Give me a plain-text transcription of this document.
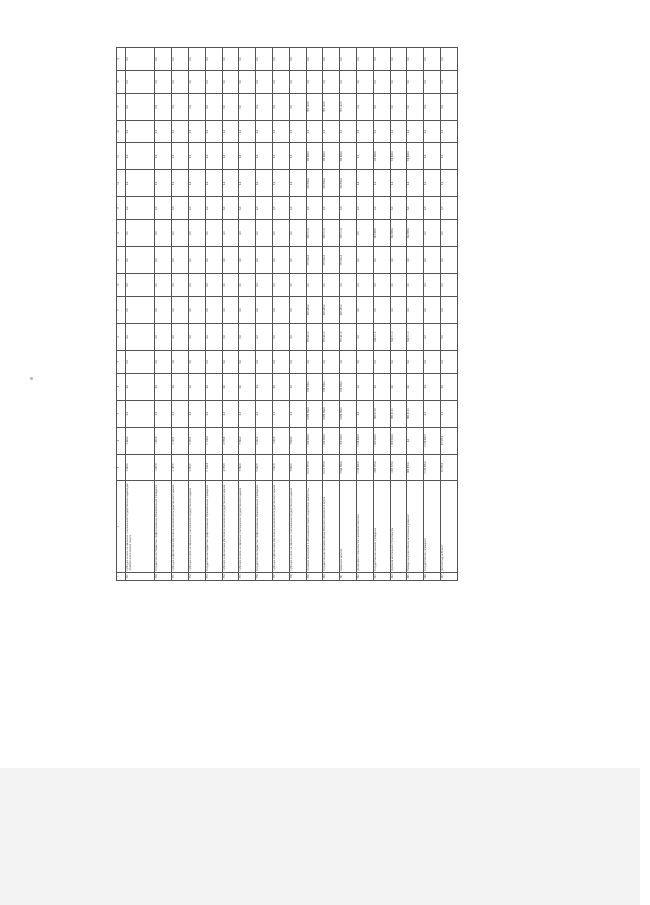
1	2	3	4	5	6	7	8	9	10	11	12	13	14	15	16	17	18	19
329	Субсидии на цели, не связанные с выполнением государственного задания для приобретения основных средств	3 440,0	3 440,0	0,0	0,0	0,0	0,0	0,0	0,0	0,0	0,0	0,0	0,0	0,0	0,0	0,0	0,0	0,0
330	Государственное бюджетное профессиональное образовательное учреждение	1 457,8	1 457,8	0,0	0,0	0,0	0,0	0,0	0,0	0,0	0,0	0,0	0,0	0,0	0,0	0,0	0,0	0,0
331	Субсидии на финансовое обеспечение выполнения государственного задания	2 187,9	2 187,9	0,0	0,0	0,0	0,0	0,0	0,0	0,0	0,0	0,0	0,0	0,0	0,0	0,0	0,0	0,0
332	Субсидии на цели, не связанные с выполнением государственного задания	5 359,9	5 359,9	0,0	0,0	0,0	0,0	0,0	0,0	0,0	0,0	0,0	0,0	0,0	0,0	0,0	0,0	0,0
333	Государственное бюджетное профессиональное образовательное учреждение	11 942,8	11 942,8	0,0	0,0	0,0	0,0	0,0	0,0	0,0	0,0	0,0	0,0	0,0	0,0	0,0	0,0	0,0
334	Субсидии на финансовое обеспечение выполнения государственного задания	4 578,8	4 578,8	0,0	0,0	0,0	0,0	0,0	0,0	0,0	0,0	0,0	0,0	0,0	0,0	0,0	0,0	0,0
335	Субсидии на цели, не связанные с выполнением государственного задания	7 364,0	7 364,0	0,0	0,0	0,0	0,0	0,0	0,0	0,0	0,0	0,0	0,0	0,0	0,0	0,0	0,0	0,0
336	Государственное бюджетное профессиональное образовательное учреждение	9 542,8	9 542,8	0,0	0,0	0,0	0,0	0,0	0,0	0,0	0,0	0,0	0,0	0,0	0,0	0,0	0,0	0,0
337	Субсидии на финансовое обеспечение выполнения государственного задания	1 942,8	1 942,8	0,0	0,0	0,0	0,0	0,0	0,0	0,0	0,0	0,0	0,0	0,0	0,0	0,0	0,0	0,0
338	Субсидии на цели, не связанные с выполнением государственного задания	7 600,0	7 600,0	0,0	0,0	0,0	0,0	0,0	0,0	0,0	0,0	0,0	0,0	0,0	0,0	0,0	0,0	0,0
339	Основное мероприятие 3 «Региональный проект «Содействие занятости»»	8 013 377,0	1 558 963,0	4 076 386,0	938 336,0	0,0	795 491,0	467 445,0	0,0	575 022,0	505 211,0	0,0	230 596,0	180 848,0	0,0	597 142,0	0,0	0,0
340	Государственная программа Ямало-Ненецкого автономного округа	8 013 377,0	1 558 963,0	4 076 386,0	938 336,0	0,0	795 491,0	467 445,0	0,0	575 022,0	505 211,0	0,0	230 596,0	180 848,0	0,0	597 142,0	0,0	0,0
341	Ямальское развитие	5 844 588,0	1 390 998,0	4 076 386,0	938 336,0	0,0	795 491,0	467 445,0	0,0	575 022,0	505 211,0	0,0	230 596,0	180 848,0	0,0	597 142,0	0,0	0,0
342	Департамент строительства и жилищной политики	2 168 849,0	2 168 849,0	0,0	0,0	0,0	0,0	0,0	0,0	0,0	0,0	0,0	0,0	0,0	0,0	0,0	0,0	0,0
343	Государственное казенное учреждение	1 089 725,0	1 090 943,0	889 813,0	0,0	0,0	344 511,0	0,0	0,0	0,0	344 389,0	0,0	0,0	190 848,0	0,0	0,0	0,0	0,0
344	Дирекция капитального строительства	1 089 725,0	1 090 943,0	889 813,0	0,0	0,0	344 511,0	0,0	0,0	0,0	344 389,0	0,0	0,0	190 848,0	0,0	0,0	0,0	0,0
345	Расходы на осуществление капитальных вложений	869 839,0	0,0	869 813,0	0,0	0,0	344 511,0	0,0	0,0	0,0	344 389,0	0,0	0,0	190 848,0	0,0	0,0	0,0	0,0
346	Государственное учреждение	2 180 849,0	2 180 849,0	0,0	0,0	0,0	0,0	0,0	0,0	0,0	0,0	0,0	0,0	0,0	0,0	0,0	0,0	0,0
347	Детский сад на 80 мест	95 373,0	95 373,0	0,0	0,0	0,0	0,0	0,0	0,0	0,0	0,0	0,0	0,0	0,0	0,0	0,0	0,0	0,0
